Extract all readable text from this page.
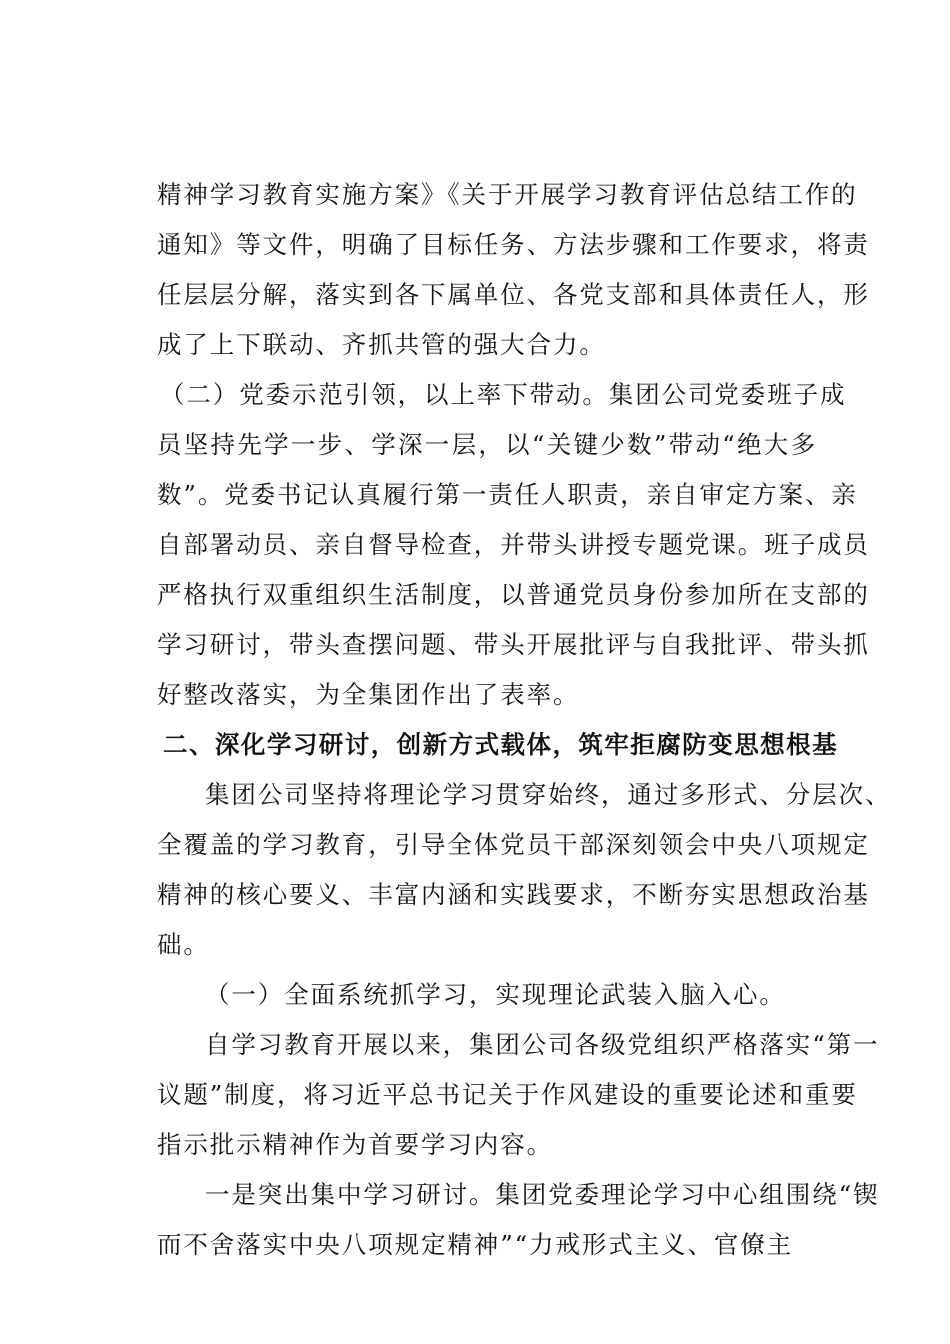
精神学习教育实施方案》《关于开展学习教育评估总结工作的
通知》等文件，明确了目标任务、方法步骤和工作要求，将责
任层层分解，落实到各下属单位、各党支部和具体责任人，形
成了上下联动、齐抓共管的强大合力。
（二）党委示范引领，以上率下带动。集团公司党委班子成
员坚持先学一步、学深一层，以“关键少数”带动“绝大多
数”。党委书记认真履行第一责任人职责，亲自审定方案、亲
自部署动员、亲自督导检查，并带头讲授专题党课。班子成员
严格执行双重组织生活制度，以普通党员身份参加所在支部的
学习研讨，带头查摆问题、带头开展批评与自我批评、带头抓
好整改落实，为全集团作出了表率。
二、深化学习研讨，创新方式载体，筑牢拒腐防变思想根基
集团公司坚持将理论学习贯穿始终，通过多形式、分层次、
全覆盖的学习教育，引导全体党员干部深刻领会中央八项规定
精神的核心要义、丰富内涵和实践要求，不断夯实思想政治基
础。
（一）全面系统抓学习，实现理论武装入脑入心。
自学习教育开展以来，集团公司各级党组织严格落实“第一
议题”制度，将习近平总书记关于作风建设的重要论述和重要
指示批示精神作为首要学习内容。
一是突出集中学习研讨。集团党委理论学习中心组围绕“锲
而不舍落实中央八项规定精神”“力戒形式主义、官僚主
